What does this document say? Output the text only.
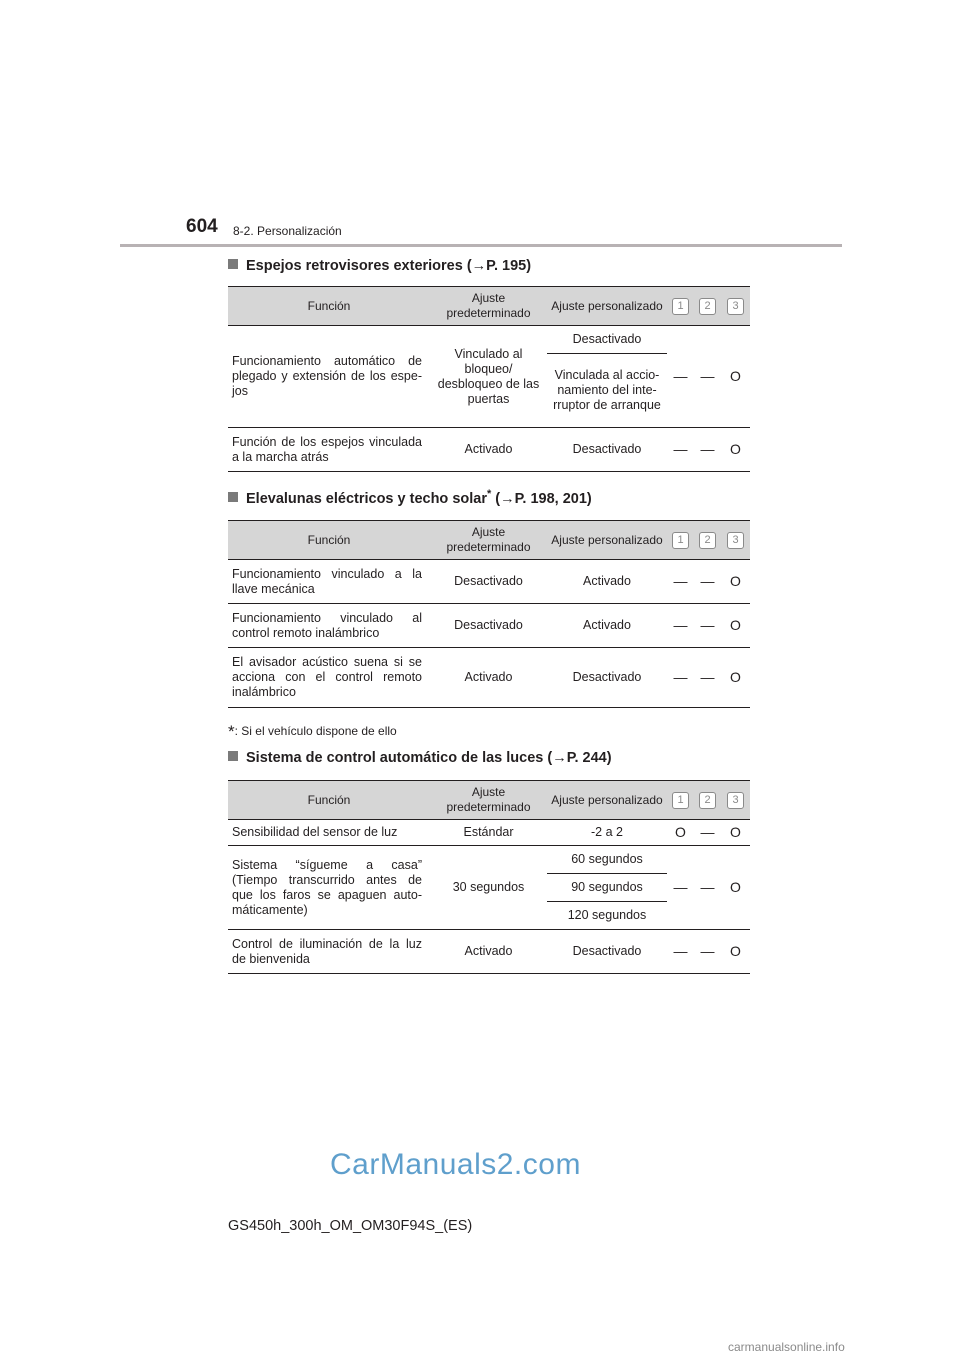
604 8-2. Personalización
Espejos retrovisores exteriores (→P. 195)
Función	Ajuste predeterminado	Ajuste personalizado	1	2	3
Funcionamiento automático de plegado y extensión de los espe- jos	Vinculado al bloqueo/ desbloqueo de las puertas	Desactivado	—	—	O
		Vinculada al accio- namiento del inte- rruptor de arranque			
Función de los espejos vinculada a la marcha atrás	Activado	Desactivado	—	—	O
Elevalunas eléctricos y techo solar* (→P. 198, 201)
Función	Ajuste predeterminado	Ajuste personalizado	1	2	3
Funcionamiento vinculado a la llave mecánica	Desactivado	Activado	—	—	O
Funcionamiento vinculado al control remoto inalámbrico	Desactivado	Activado	—	—	O
El avisador acústico suena si se acciona con el control remoto inalámbrico	Activado	Desactivado	—	—	O
*: Si el vehículo dispone de ello
Sistema de control automático de las luces (→P. 244)
Función	Ajuste predeterminado	Ajuste personalizado	1	2	3
Sensibilidad del sensor de luz	Estándar	-2 a 2	O	—	O
Sistema “sígueme a casa” (Tiempo transcurrido antes de que los faros se apaguen auto- máticamente)	30 segundos	60 segundos	—	—	O
		90 segundos			
		120 segundos			
Control de iluminación de la luz de bienvenida	Activado	Desactivado	—	—	O
CarManuals2.com
GS450h_300h_OM_OM30F94S_(ES)
carmanualsonline.info
